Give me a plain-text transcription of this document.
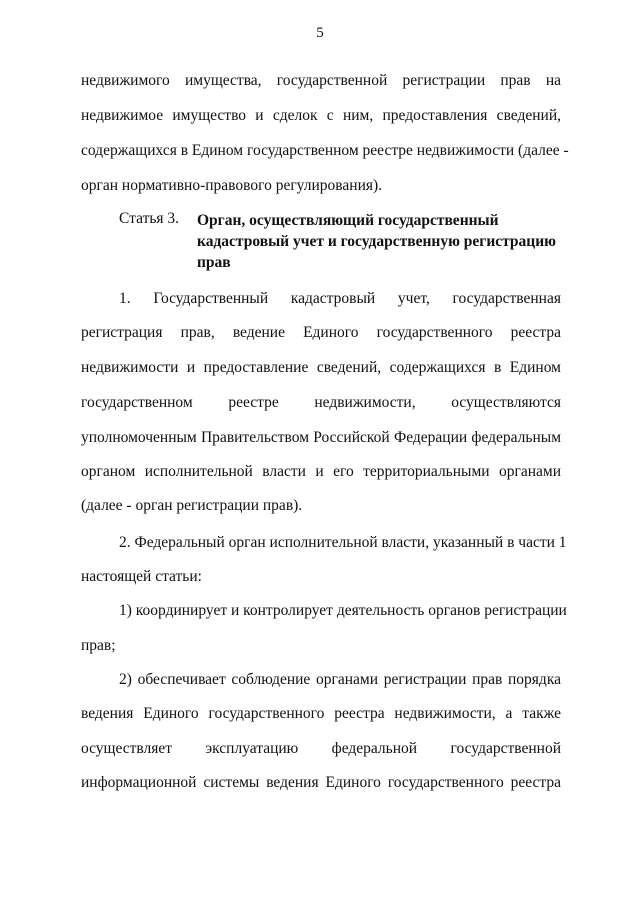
5
недвижимого имущества, государственной регистрации прав на
недвижимое имущество и сделок с ним, предоставления сведений,
содержащихся в Едином государственном реестре недвижимости (далее -
орган нормативно-правового регулирования).
Статья 3. Орган, осуществляющий государственный
кадастровый учет и государственную регистрацию
прав
1. Государственный кадастровый учет, государственная
регистрация прав, ведение Единого государственного реестра
недвижимости и предоставление сведений, содержащихся в Едином
государственном реестре недвижимости, осуществляются
уполномоченным Правительством Российской Федерации федеральным
органом исполнительной власти и его территориальными органами
(далее - орган регистрации прав).
2. Федеральный орган исполнительной власти, указанный в части 1
настоящей статьи:
1) координирует и контролирует деятельность органов регистрации
прав;
2) обеспечивает соблюдение органами регистрации прав порядка
ведения Единого государственного реестра недвижимости, а также
осуществляет эксплуатацию федеральной государственной
информационной системы ведения Единого государственного реестра
